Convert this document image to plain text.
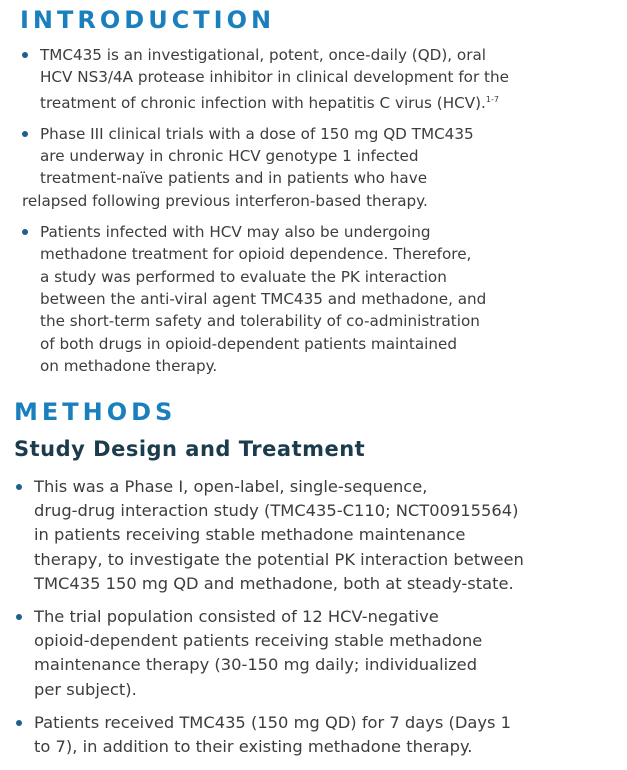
INTRODUCTION
TMC435 is an investigational, potent, once-daily (QD), oral
HCV NS3/4A protease inhibitor in clinical development for the
treatment of chronic infection with hepatitis C virus (HCV).$^{1-7}$
Phase III clinical trials with a dose of 150 mg QD TMC435
are underway in chronic HCV genotype 1 infected
treatment-naïve patients and in patients who have
relapsed following previous interferon-based therapy.
Patients infected with HCV may also be undergoing
methadone treatment for opioid dependence. Therefore,
a study was performed to evaluate the PK interaction
between the anti-viral agent TMC435 and methadone, and
the short-term safety and tolerability of co-administration
of both drugs in opioid-dependent patients maintained
on methadone therapy.
METHODS
Study Design and Treatment
This was a Phase I, open-label, single-sequence,
drug-drug interaction study (TMC435-C110; NCT00915564)
in patients receiving stable methadone maintenance
therapy, to investigate the potential PK interaction between
TMC435 150 mg QD and methadone, both at steady-state.
The trial population consisted of 12 HCV-negative
opioid-dependent patients receiving stable methadone
maintenance therapy (30-150 mg daily; individualized
per subject).
Patients received TMC435 (150 mg QD) for 7 days (Days 1
to 7), in addition to their existing methadone therapy.
